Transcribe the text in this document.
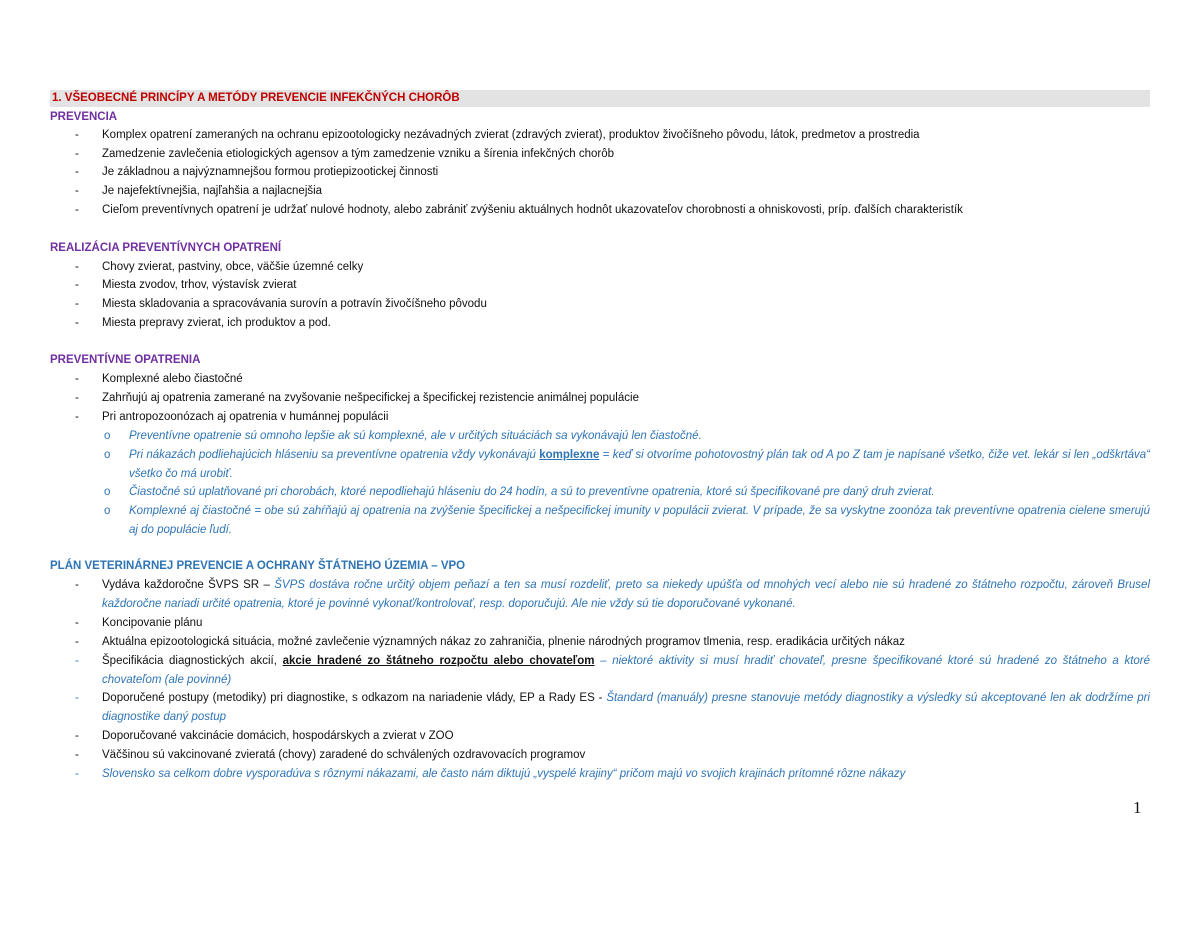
1. VŠEOBECNÉ PRINCÍPY A METÓDY PREVENCIE INFEKČNÝCH CHORÔB
PREVENCIA
-	Komplex opatrení zameraných na ochranu epizootologicky nezávadných zvierat (zdravých zvierat), produktov živočíšneho pôvodu, látok, predmetov a prostredia
-	Zamedzenie zavlečenia etiologických agensov a tým zamedzenie vzniku a šírenia infekčných chorôb
-	Je základnou a najvýznamnejšou formou protiepizootickej činnosti
-	Je najefektívnejšia, najľahšia a najlacnejšia
-	Cieľom preventívnych opatrení je udržať nulové hodnoty, alebo zabrániť zvýšeniu aktuálnych hodnôt ukazovateľov chorobnosti a ohniskovosti, príp. ďalších charakteristík
REALIZÁCIA PREVENTÍVNYCH OPATRENÍ
-	Chovy zvierat, pastviny, obce, väčšie územné celky
-	Miesta zvodov, trhov, výstavísk zvierat
-	Miesta skladovania a spracovávania surovín a potravín živočíšneho pôvodu
-	Miesta prepravy zvierat, ich produktov a pod.
PREVENTÍVNE OPATRENIA
-	Komplexné alebo čiastočné
-	Zahrňujú aj opatrenia zamerané na zvyšovanie nešpecifickej a špecifickej rezistencie animálnej populácie
-	Pri antropozoonózach aj opatrenia v humánnej populácii
o Preventívne opatrenie sú omnoho lepšie ak sú komplexné, ale v určitých situáciách sa vykonávajú len čiastočné.
o Pri nákazách podliehajúcich hláseniu sa preventívne opatrenia vždy vykonávajú komplexne = keď si otvoríme pohotovostný plán tak od A po Z tam je napísané všetko, čiže vet. lekár si len „odškrtáva“ všetko čo má urobiť.
o Čiastočné sú uplatňované pri chorobách, ktoré nepodliehajú hláseniu do 24 hodín, a sú to preventívne opatrenia, ktoré sú špecifikované pre daný druh zvierat.
o Komplexné aj čiastočné = obe sú zahŕňajú aj opatrenia na zvýšenie špecifickej a nešpecifickej imunity v populácii zvierat. V prípade, že sa vyskytne zoonóza tak preventívne opatrenia cielene smerujú aj do populácie ľudí.
PLÁN VETERINÁRNEJ PREVENCIE A OCHRANY ŠTÁTNEHO ÚZEMIA – VPO
-	Vydáva každoročne ŠVPS SR – ŠVPS dostáva ročne určitý objem peňazí a ten sa musí rozdeliť, preto sa niekedy upúšťa od mnohých vecí alebo nie sú hradené zo štátneho rozpočtu, zároveň Brusel každoročne nariadi určité opatrenia, ktoré je povinné vykonať/kontrolovať, resp. doporučujú. Ale nie vždy sú tie doporučované vykonané.
-	Koncipovanie plánu
-	Aktuálna epizootologická situácia, možné zavlečenie významných nákaz zo zahraničia, plnenie národných programov tlmenia, resp. eradikácia určitých nákaz
-	Špecifikácia diagnostických akcií, akcie hradené zo štátneho rozpočtu alebo chovateľom – niektoré aktivity si musí hradiť chovateľ, presne špecifikované ktoré sú hradené zo štátneho a ktoré chovateľom (ale povinné)
-	Doporučené postupy (metodiky) pri diagnostike, s odkazom na nariadenie vlády, EP a Rady ES - Štandard (manuály) presne stanovuje metódy diagnostiky a výsledky sú akceptované len ak dodržíme pri diagnostike daný postup
-	Doporučované vakcinácie domácich, hospodárskych a zvierat v ZOO
-	Väčšinou sú vakcinované zvieratá (chovy) zaradené do schválených ozdravovacích programov
-	Slovensko sa celkom dobre vysporadúva s rôznymi nákazami, ale často nám diktujú „vyspelé krajiny“ pričom majú vo svojich krajinách prítomné rôzne nákazy
1
